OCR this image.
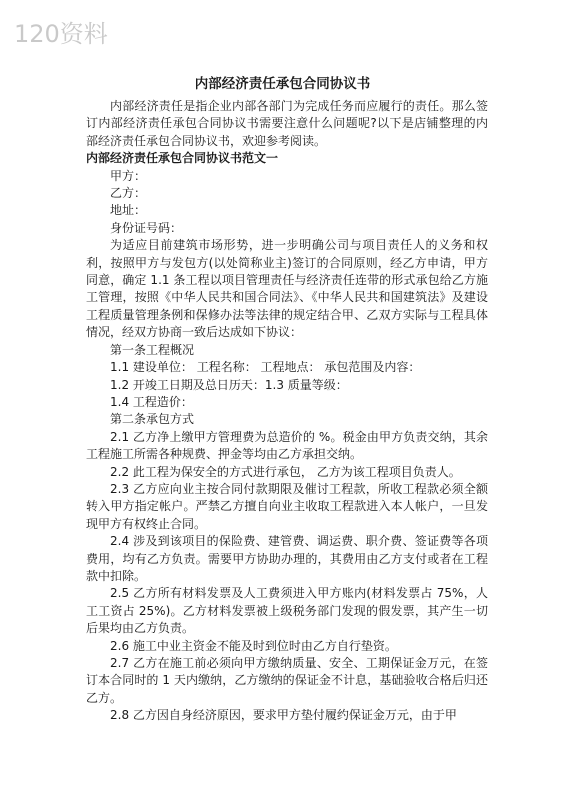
120资料
内部经济责任承包合同协议书

内部经济责任是指企业内部各部门为完成任务而应履行的责任。那么签订内部经济责任承包合同协议书需要注意什么问题呢?以下是店铺整理的内部经济责任承包合同协议书，欢迎参考阅读。

内部经济责任承包合同协议书范文一

甲方：

乙方：

地址：

身份证号码：

为适应目前建筑市场形势，进一步明确公司与项目责任人的义务和权利，按照甲方与发包方(以处简称业主)签订的合同原则，经乙方申请，甲方同意，确定 1.1 条工程以项目管理责任与经济责任连带的形式承包给乙方施工管理，按照《中华人民共和国合同法》、《中华人民共和国建筑法》及建设工程质量管理条例和保修办法等法律的规定结合甲、乙双方实际与工程具体情况，经双方协商一致后达成如下协议：

第一条工程概况

1.1 建设单位： 工程名称： 工程地点： 承包范围及内容：

1.2 开竣工日期及总日历天：1.3 质量等级：

1.4 工程造价：

第二条承包方式

2.1 乙方净上缴甲方管理费为总造价的 %。税金由甲方负责交纳，其余工程施工所需各种规费、押金等均由乙方承担交纳。

2.2 此工程为保安全的方式进行承包， 乙方为该工程项目负责人。

2.3 乙方应向业主按合同付款期限及催讨工程款，所收工程款必须全额转入甲方指定帐户。严禁乙方擅自向业主收取工程款进入本人帐户，一旦发现甲方有权终止合同。

2.4 涉及到该项目的保险费、建管费、调运费、职介费、签证费等各项费用，均有乙方负责。需要甲方协助办理的，其费用由乙方支付或者在工程款中扣除。

2.5 乙方所有材料发票及人工费须进入甲方账内(材料发票占 75%，人工工资占 25%)。乙方材料发票被上级税务部门发现的假发票，其产生一切后果均由乙方负责。

2.6 施工中业主资金不能及时到位时由乙方自行垫资。

2.7 乙方在施工前必须向甲方缴纳质量、安全、工期保证金万元，在签订本合同时的 1 天内缴纳，乙方缴纳的保证金不计息，基础验收合格后归还乙方。

2.8 乙方因自身经济原因，要求甲方垫付履约保证金万元，由于甲
